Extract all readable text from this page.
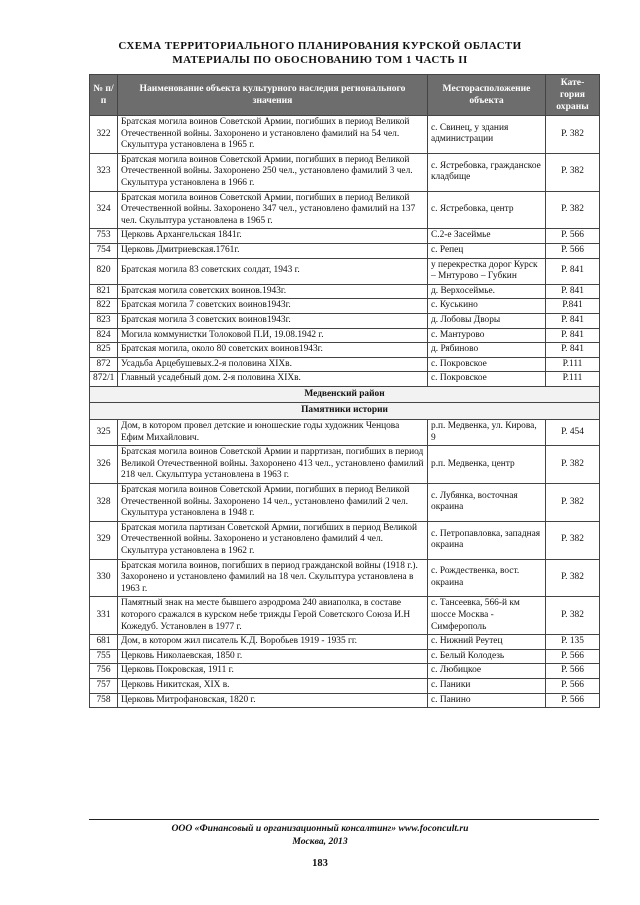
СХЕМА ТЕРРИТОРИАЛЬНОГО ПЛАНИРОВАНИЯ КУРСКОЙ ОБЛАСТИ
МАТЕРИАЛЫ ПО ОБОСНОВАНИЮ ТОМ 1 ЧАСТЬ II
№ п/п	Наименование объекта культурного наследия регионального значения	Месторасположение объекта	Кате-гория охраны
322	Братская могила воинов Советской Армии, погибших в период Великой Отечественной войны. Захоронено и установлено фамилий на 54 чел. Скульптура установлена в 1965 г.	с. Свинец, у здания администрации	Р. 382
323	Братская могила воинов Советской Армии, погибших в период Великой Отечественной войны. Захоронено 250 чел., установлено фамилий 3 чел. Скульптура установлена в 1966 г.	с. Ястребовка, гражданское кладбище	Р. 382
324	Братская могила воинов Советской Армии, погибших в период Великой Отечественной войны. Захоронено 347 чел., установлено фамилий на 137 чел. Скульптура установлена в 1965 г.	с. Ястребовка, центр	Р. 382
753	Церковь Архангельская 1841г.	С.2-е Засеймье	Р. 566
754	Церковь Дмитриевская.1761г.	с. Репец	Р. 566
820	Братская могила 83 советских солдат, 1943 г.	у перекрестка дорог Курск – Мнтурово – Губкин	Р. 841
821	Братская могила советских воинов.1943г.	д. Верхосеймье.	Р. 841
822	Братская могила 7 советских воинов1943г.	с. Куськино	Р.841
823	Братская могила 3 советских воинов1943г.	д. Лобовы Дворы	Р. 841
824	Могила коммунистки Толоковой П.И, 19.08.1942 г.	с. Мантурово	Р. 841
825	Братская могила, около 80 советских воинов1943г.	д. Рябиново	Р. 841
872	Усадьба Арцебушевых.2-я половина XIXв.	с. Покровское	Р.111
872/1	Главный усадебный дом. 2-я половина XIXв.	с. Покровское	Р.111
Медвенский район			
Памятники истории			
325	Дом, в котором провел детские и юношеские годы художник Ченцова Ефим Михайлович.	р.п. Медвенка, ул. Кирова, 9	Р. 454
326	Братская могила воинов Советской Армии и парртизан, погибших в период Великой Отечественной войны. Захоронено 413 чел., установлено фамилий 218 чел. Скульптура установлена в 1963 г.	р.п. Медвенка, центр	Р. 382
328	Братская могила воинов Советской Армии, погибших в период Великой Отечественной войны. Захоронено 14 чел., установлено фамилий 2 чел. Скульптура установлена в 1948 г.	с. Лубянка, восточная окраина	Р. 382
329	Братская могила партизан Советской Армии, погибших в период Великой Отечественной войны. Захоронено и установлено фамилий 4 чел. Скульптура установлена в 1962 г.	с. Петропавловка, западная окраина	Р. 382
330	Братская могила воинов, погибших в период гражданской войны (1918 г.). Захоронено и установлено фамилий на 18 чел. Скульптура установлена в 1963 г.	с. Рождественка, вост. окраина	Р. 382
331	Памятный знак на месте бывшего аэродрома 240 авиаполка, в составе которого сражался в курском небе трижды Герой Советского Союза И.Н Кожедуб. Установлен в 1977 г.	с. Тансеевка, 566-й км шоссе Москва - Симферополь	Р. 382
681	Дом, в котором жил писатель К.Д. Воробьев 1919 - 1935 гг.	с. Нижний Реутец	Р. 135
755	Церковь Николаевская, 1850 г.	с. Белый Колодезь	Р. 566
756	Церковь Покровская, 1911 г.	с. Любицкое	Р. 566
757	Церковь Никитская, XIX в.	с. Паники	Р. 566
758	Церковь Митрофановская, 1820 г.	с. Панино	Р. 566
ООО «Финансовый и организационный консалтинг» www.foconcult.ru
Москва, 2013
183
